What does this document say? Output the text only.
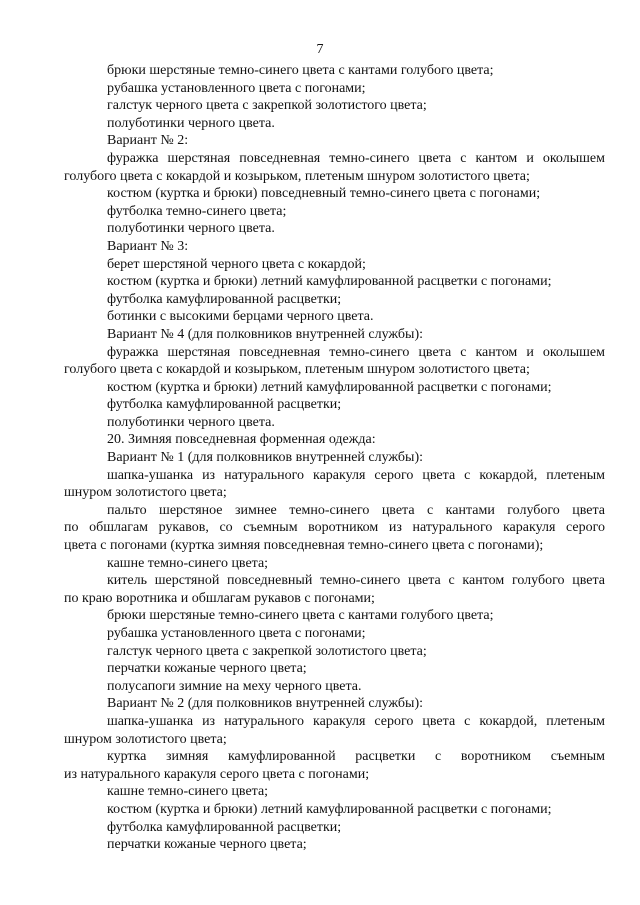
7
брюки шерстяные темно-синего цвета с кантами голубого цвета;
рубашка установленного цвета с погонами;
галстук черного цвета с закрепкой золотистого цвета;
полуботинки черного цвета.
Вариант № 2:
фуражка шерстяная повседневная темно-синего цвета с кантом и околышем
голубого цвета с кокардой и козырьком, плетеным шнуром золотистого цвета;
костюм (куртка и брюки) повседневный темно-синего цвета с погонами;
футболка темно-синего цвета;
полуботинки черного цвета.
Вариант № 3:
берет шерстяной черного цвета с кокардой;
костюм (куртка и брюки) летний камуфлированной расцветки с погонами;
футболка камуфлированной расцветки;
ботинки с высокими берцами черного цвета.
Вариант № 4 (для полковников внутренней службы):
фуражка шерстяная повседневная темно-синего цвета с кантом и околышем
голубого цвета с кокардой и козырьком, плетеным шнуром золотистого цвета;
костюм (куртка и брюки) летний камуфлированной расцветки с погонами;
футболка камуфлированной расцветки;
полуботинки черного цвета.
20. Зимняя повседневная форменная одежда:
Вариант № 1 (для полковников внутренней службы):
шапка-ушанка из натурального каракуля серого цвета с кокардой, плетеным
шнуром золотистого цвета;
пальто шерстяное зимнее темно-синего цвета с кантами голубого цвета
по обшлагам рукавов, со съемным воротником из натурального каракуля серого
цвета с погонами (куртка зимняя повседневная темно-синего цвета с погонами);
кашне темно-синего цвета;
китель шерстяной повседневный темно-синего цвета с кантом голубого цвета
по краю воротника и обшлагам рукавов с погонами;
брюки шерстяные темно-синего цвета с кантами голубого цвета;
рубашка установленного цвета с погонами;
галстук черного цвета с закрепкой золотистого цвета;
перчатки кожаные черного цвета;
полусапоги зимние на меху черного цвета.
Вариант № 2 (для полковников внутренней службы):
шапка-ушанка из натурального каракуля серого цвета с кокардой, плетеным
шнуром золотистого цвета;
куртка зимняя камуфлированной расцветки с воротником съемным
из натурального каракуля серого цвета с погонами;
кашне темно-синего цвета;
костюм (куртка и брюки) летний камуфлированной расцветки с погонами;
футболка камуфлированной расцветки;
перчатки кожаные черного цвета;
